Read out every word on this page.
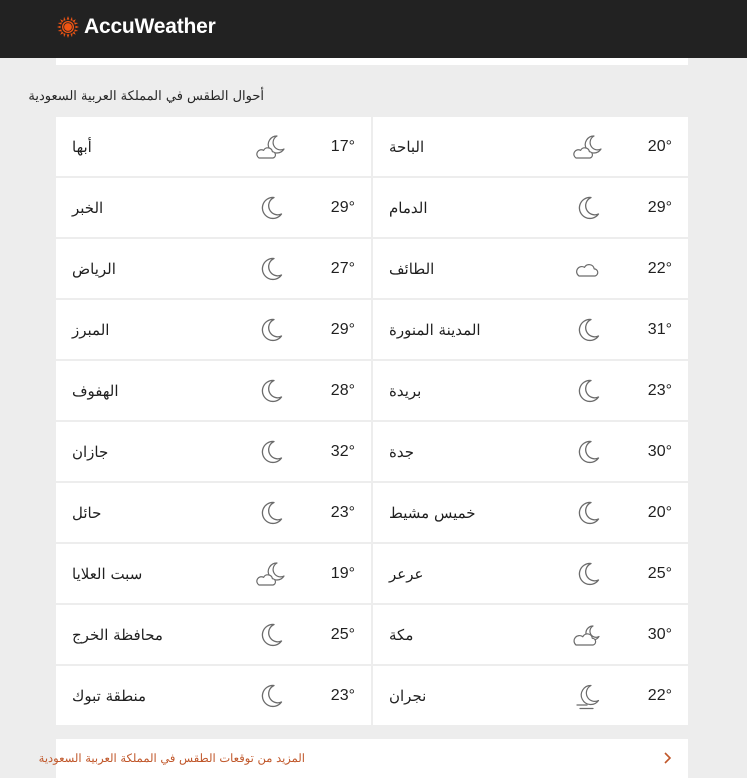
AccuWeather
أحوال الطقس في المملكة العربية السعودية
أبها	17° الباحة	20°
الخبر	29° الدمام	29°
الرياض	27° الطائف	22°
المبرز	29° المدينة المنورة	31°
الهفوف	28° بريدة	23°
جازان	32° جدة	30°
حائل	23° خميس مشيط	20°
سبت العلايا	19° عرعر	25°
محافظة الخرج	25° مكة	30°
منطقة تبوك	23° نجران	22°
المزيد من توقعات الطقس في المملكة العربية السعودية
